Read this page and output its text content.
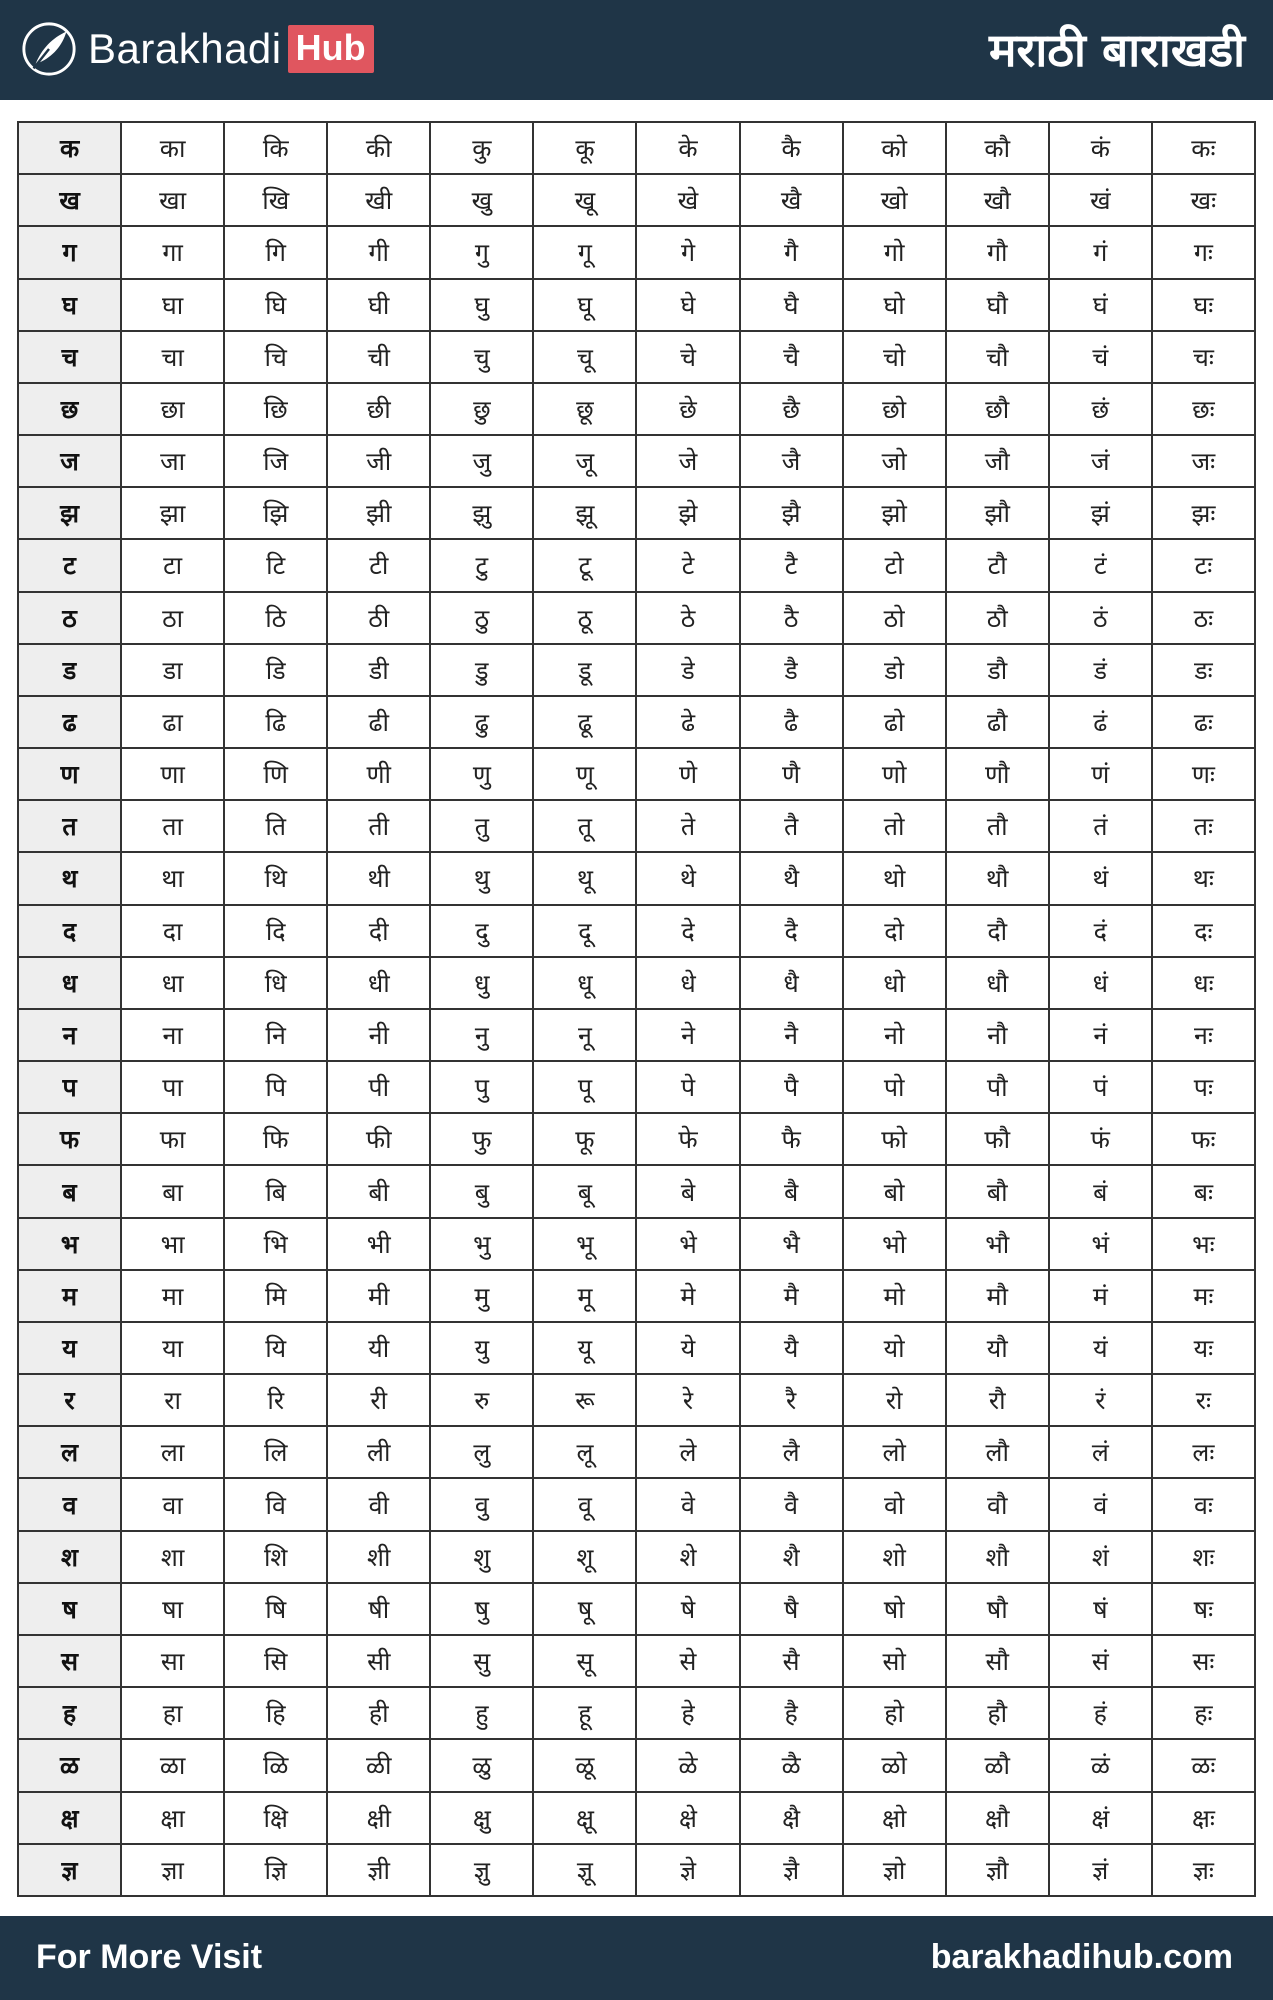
Barakhadi Hub	मराठी बाराखडी
क	का	कि	की	कु	कू	के	कै	को	कौ	कं	कः
ख	खा	खि	खी	खु	खू	खे	खै	खो	खौ	खं	खः
ग	गा	गि	गी	गु	गू	गे	गै	गो	गौ	गं	गः
घ	घा	घि	घी	घु	घू	घे	घै	घो	घौ	घं	घः
च	चा	चि	ची	चु	चू	चे	चै	चो	चौ	चं	चः
छ	छा	छि	छी	छु	छू	छे	छै	छो	छौ	छं	छः
ज	जा	जि	जी	जु	जू	जे	जै	जो	जौ	जं	जः
झ	झा	झि	झी	झु	झू	झे	झै	झो	झौ	झं	झः
ट	टा	टि	टी	टु	टू	टे	टै	टो	टौ	टं	टः
ठ	ठा	ठि	ठी	ठु	ठू	ठे	ठै	ठो	ठौ	ठं	ठः
ड	डा	डि	डी	डु	डू	डे	डै	डो	डौ	डं	डः
ढ	ढा	ढि	ढी	ढु	ढू	ढे	ढै	ढो	ढौ	ढं	ढः
ण	णा	णि	णी	णु	णू	णे	णै	णो	णौ	णं	णः
त	ता	ति	ती	तु	तू	ते	तै	तो	तौ	तं	तः
थ	था	थि	थी	थु	थू	थे	थै	थो	थौ	थं	थः
द	दा	दि	दी	दु	दू	दे	दै	दो	दौ	दं	दः
ध	धा	धि	धी	धु	धू	धे	धै	धो	धौ	धं	धः
न	ना	नि	नी	नु	नू	ने	नै	नो	नौ	नं	नः
प	पा	पि	पी	पु	पू	पे	पै	पो	पौ	पं	पः
फ	फा	फि	फी	फु	फू	फे	फै	फो	फौ	फं	फः
ब	बा	बि	बी	बु	बू	बे	बै	बो	बौ	बं	बः
भ	भा	भि	भी	भु	भू	भे	भै	भो	भौ	भं	भः
म	मा	मि	मी	मु	मू	मे	मै	मो	मौ	मं	मः
य	या	यि	यी	यु	यू	ये	यै	यो	यौ	यं	यः
र	रा	रि	री	रु	रू	रे	रै	रो	रौ	रं	रः
ल	ला	लि	ली	लु	लू	ले	लै	लो	लौ	लं	लः
व	वा	वि	वी	वु	वू	वे	वै	वो	वौ	वं	वः
श	शा	शि	शी	शु	शू	शे	शै	शो	शौ	शं	शः
ष	षा	षि	षी	षु	षू	षे	षै	षो	षौ	षं	षः
स	सा	सि	सी	सु	सू	से	सै	सो	सौ	सं	सः
ह	हा	हि	ही	हु	हू	हे	है	हो	हौ	हं	हः
ळ	ळा	ळि	ळी	ळु	ळू	ळे	ळै	ळो	ळौ	ळं	ळः
क्ष	क्षा	क्षि	क्षी	क्षु	क्षू	क्षे	क्षै	क्षो	क्षौ	क्षं	क्षः
ज्ञ	ज्ञा	ज्ञि	ज्ञी	ज्ञु	ज्ञू	ज्ञे	ज्ञै	ज्ञो	ज्ञौ	ज्ञं	ज्ञः
For More Visit	barakhadihub.com
